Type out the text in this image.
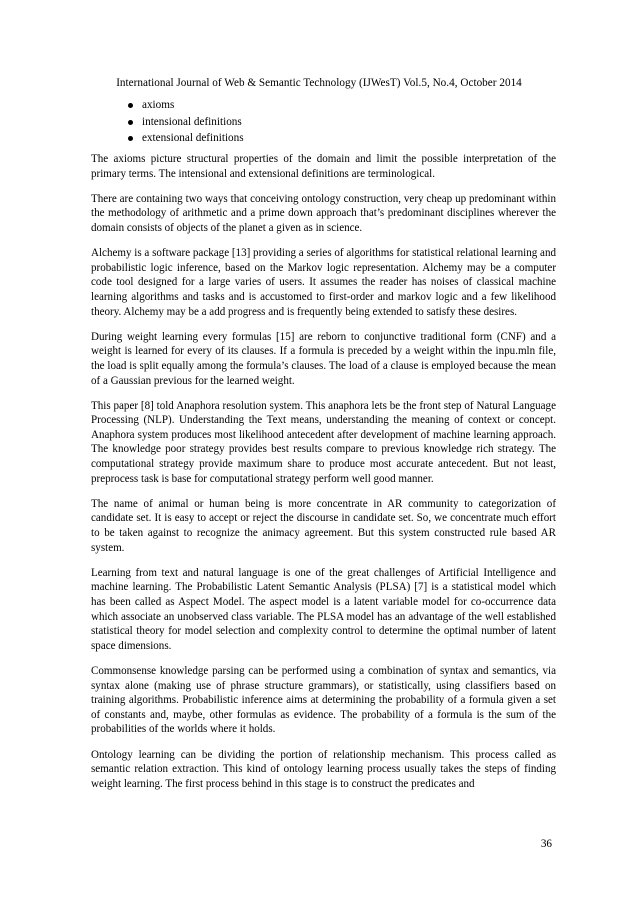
International Journal of Web & Semantic Technology (IJWesT) Vol.5, No.4, October 2014
axioms
intensional definitions
extensional definitions

The axioms picture structural properties of the domain and limit the possible interpretation of the primary terms. The intensional and extensional definitions are terminological.

There are containing two ways that conceiving ontology construction, very cheap up predominant within the methodology of arithmetic and a prime down approach that’s predominant disciplines wherever the domain consists of objects of the planet a given as in science.

Alchemy is a software package [13] providing a series of algorithms for statistical relational learning and probabilistic logic inference, based on the Markov logic representation. Alchemy may be a computer code tool designed for a large varies of users. It assumes the reader has noises of classical machine learning algorithms and tasks and is accustomed to first-order and markov logic and a few likelihood theory. Alchemy may be a add progress and is frequently being extended to satisfy these desires.

During weight learning every formulas [15] are reborn to conjunctive traditional form (CNF) and a weight is learned for every of its clauses. If a formula is preceded by a weight within the inpu.mln file, the load is split equally among the formula’s clauses. The load of a clause is employed because the mean of a Gaussian previous for the learned weight.

This paper [8] told Anaphora resolution system. This anaphora lets be the front step of Natural Language Processing (NLP). Understanding the Text means, understanding the meaning of context or concept. Anaphora system produces most likelihood antecedent after development of machine learning approach. The knowledge poor strategy provides best results compare to previous knowledge rich strategy. The computational strategy provide maximum share to produce most accurate antecedent. But not least, preprocess task is base for computational strategy perform well good manner.

The name of animal or human being is more concentrate in AR community to categorization of candidate set. It is easy to accept or reject the discourse in candidate set. So, we concentrate much effort to be taken against to recognize the animacy agreement. But this system constructed rule based AR system.

Learning from text and natural language is one of the great challenges of Artificial Intelligence and machine learning. The Probabilistic Latent Semantic Analysis (PLSA) [7] is a statistical model which has been called as Aspect Model. The aspect model is a latent variable model for co-occurrence data which associate an unobserved class variable. The PLSA model has an advantage of the well established statistical theory for model selection and complexity control to determine the optimal number of latent space dimensions.

Commonsense knowledge parsing can be performed using a combination of syntax and semantics, via syntax alone (making use of phrase structure grammars), or statistically, using classifiers based on training algorithms. Probabilistic inference aims at determining the probability of a formula given a set of constants and, maybe, other formulas as evidence. The probability of a formula is the sum of the probabilities of the worlds where it holds.

Ontology learning can be dividing the portion of relationship mechanism. This process called as semantic relation extraction. This kind of ontology learning process usually takes the steps of finding weight learning. The first process behind in this stage is to construct the predicates and

36
